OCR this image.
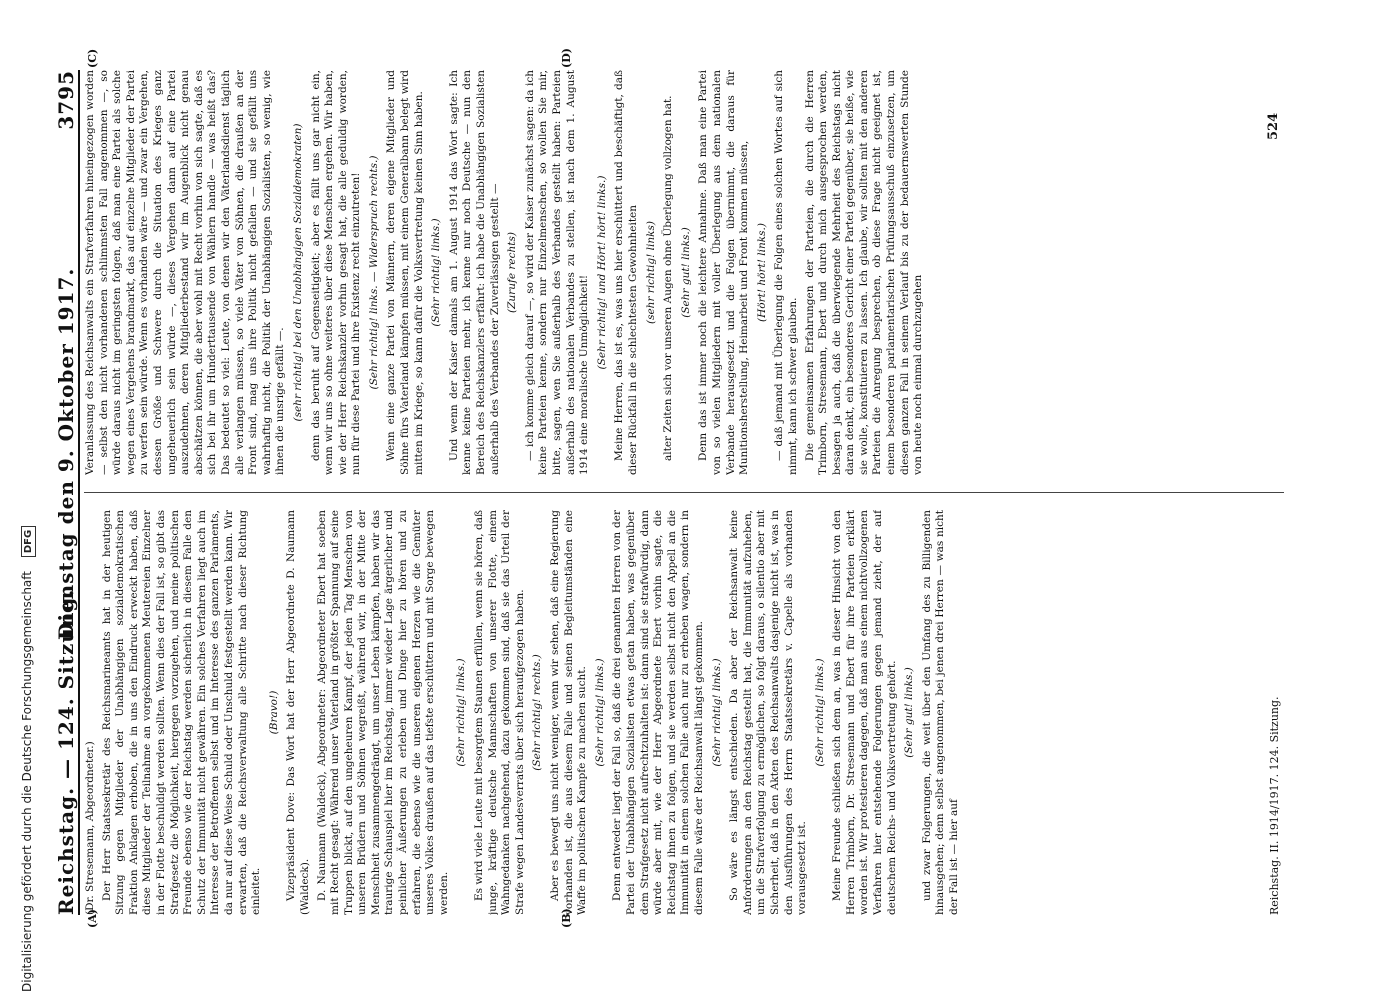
Digitalisierung gefördert durch die Deutsche Forschungsgemeinschaft DFG
Reichstag. — 124. Sitzung.
Dienstag den 9. Oktober 1917. 3795
(A)	(B)
(C)	(D)

(Dr. Stresemann, Abgeordneter.) Der Herr Staatssekretär des Reichsmarineamts hat in der heutigen Sitzung gegen Mitglieder der Unabhängigen sozialdemokratischen Fraktion Anklagen erhoben, die in uns den Eindruck erweckt haben, daß diese Mitglieder der Teilnahme an vorgekommenen Meutereien Einzelner in der Flotte beschuldigt werden sollten. Wenn dies der Fall ist, so gibt das Strafgesetz die Möglichkeit, hiergegen vorzugehen, und meine politischen Freunde ebenso wie der Reichstag werden sicherlich in diesem Falle den Schutz der Immunität nicht gewähren. Ein solches Verfahren liegt auch im Interesse der Betroffenen selbst und im Interesse des ganzen Parlaments, da nur auf diese Weise Schuld oder Unschuld festgestellt werden kann. Wir erwarten, daß die Reichsverwaltung alle Schritte nach dieser Richtung einleitet.

(Bravo!) Vizepräsident Dove: Das Wort hat der Herr Abgeordnete D. Naumann (Waldeck). D. Naumann (Waldeck), Abgeordneter: Abgeordneter Ebert hat soeben mit Recht gesagt: Während unser Vaterland in größter Spannung auf seine Truppen blickt, auf den ungeheuren Kampf, der jeden Tag Menschen von unseren Brüdern und Söhnen wegreißt, während wir, in der Mitte der Menschheit zusammengedrängt, um unser Leben kämpfen, haben wir das traurige Schauspiel hier im Reichstag, immer wieder Lage ärgerlicher und peinlicher Äußerungen zu erleben und Dinge hier zu hören und zu erfahren, die ebenso wie die unseren eigenen Herzen wie die Gemüter unseres Volkes draußen auf das tiefste erschüttern und mit Sorge bewegen werden.

(Sehr richtig! links.) Es wird viele Leute mit besorgtem Staunen erfüllen, wenn sie hören, daß junge, kräftige deutsche Mannschaften von unserer Flotte, einem Wahngedanken nachgehend, dazu gekommen sind, daß sie das Urteil der Strafe wegen Landesverrats über sich heraufgezogen haben. (Sehr richtig! rechts.) Aber es bewegt uns nicht weniger, wenn wir sehen, daß eine Regierung vorhanden ist, die aus diesem Falle und seinen Begleitumständen eine Waffe im politischen Kampfe zu machen sucht. (Sehr richtig! links.) Denn entweder liegt der Fall so, daß die drei genannten Herren von der Partei der Unabhängigen Sozialisten etwas getan haben, was gegenüber dem Strafgesetz nicht aufrechtzuhalten ist: dann sind sie strafwürdig, dann würde aber mit, wie der Herr Abgeordnete Ebert vorhin sagte, die Reichstag ihnen zu folgen, und sie werden selbst nicht den Appell an die Immunität in einem solchen Falle auch nur zu erheben wagen, sondern in diesem Falle wäre der Reichsanwalt längst gekommen. (Sehr richtig! links.) So wäre es längst entschieden. Da aber der Reichsanwalt keine Anforderungen an den Reichstag gestellt hat, die Immunität aufzuheben, um die Strafverfolgung zu ermöglichen, so folgt daraus, o silentio aber mit Sicherheit, daß in den Akten des Reichsanwalts dasjenige nicht ist, was in den Ausführungen des Herrn Staatssekretärs v. Capelle als vorhanden vorausgesetzt ist.

(Sehr richtig! links.) Meine Freunde schließen sich dem an, was in dieser Hinsicht von den Herren Trimborn, Dr. Stresemann und Ebert für ihre Parteien erklärt worden ist. Wir protestieren dagegen, daß man aus einem nichtvollzogenen Verfahren hier entstehende Folgerungen gegen jemand zieht, der auf deutschem Reichs- und Volksvertretung gehört. (Sehr gut! links.) und zwar Folgerungen, die weit über den Umfang des zu Billigenden hinausgehen; denn selbst angenommen, bei jenen drei Herren — was nicht der Fall ist — hier auf

Veranlassung des Reichsanwalts ein Strafverfahren hineingezogen worden — selbst den nicht vorhandenen schlimmsten Fall angenommen —, so würde daraus nicht im geringsten folgen, daß man eine Partei als solche wegen eines Vergehens brandmarkt, das auf einzelne Mitglieder der Partei zu werfen sein würde. Wenn es vorhanden wäre — und zwar ein Vergehen, dessen Größe und Schwere durch die Situation des Krieges ganz ungeheuerlich sein würde —, dieses Vergehen dann auf eine Partei auszudehnen, deren Mitgliederbestand wir im Augenblick nicht genau abschätzen können, die aber wohl mit Recht vorhin von sich sagte, daß es sich bei ihr um Hunderttausende von Wählern handle — was heißt das? Das bedeutet so viel: Leute, von denen wir den Väterlandsdienst täglich alle verlangen müssen, so viele Väter von Söhnen, die draußen an der Front sind, mag uns ihre Politik nicht gefallen — und sie gefällt uns wahrhaftig nicht, die Politik der Unabhängigen Sozialisten, so wenig, wie ihnen die unsrige gefällt —. (sehr richtig! bei den Unabhängigen Sozialdemokraten) denn das beruht auf Gegenseitigkeit; aber es fällt uns gar nicht ein, wenn wir uns so ohne weiteres über diese Menschen ergehen. Wir haben, wie der Herr Reichskanzler vorhin gesagt hat, die alle geduldig worden, nun für diese Partei und ihre Existenz recht einzutreten! (Sehr richtig! links. — Widerspruch rechts.) Wenn eine ganze Partei von Männern, deren eigene Mitglieder und Söhne fürs Vaterland kämpfen müssen, mit einem Generalbann belegt wird mitten im Kriege, so kann dafür die Volksvertretung keinen Sinn haben. (Sehr richtig! links.) Und wenn der Kaiser damals am 1. August 1914 das Wort sagte: Ich kenne keine Parteien mehr, ich kenne nur noch Deutsche — nun den Bereich des Reichskanzlers erfährt: ich habe die Unabhängigen Sozialisten außerhalb des Verbandes der Zuverlässigen gestellt — (Zurufe rechts) — ich komme gleich darauf —, so wird der Kaiser zunächst sagen: da ich keine Parteien kenne, sondern nur Einzelmenschen, so wollen Sie mir, bitte, sagen, wen Sie außerhalb des Verbandes gestellt haben: Parteien außerhalb des nationalen Verbandes zu stellen, ist nach dem 1. August 1914 eine moralische Unmöglichkeit!

(Sehr richtig! und Hört! hört! links.) Meine Herren, das ist es, was uns hier erschüttert und beschäftigt, daß dieser Rückfall in die schlechtesten Gewohnheiten (sehr richtig! links) alter Zeiten sich vor unseren Augen ohne Überlegung vollzogen hat. (Sehr gut! links.) Denn das ist immer noch die leichtere Annahme. Daß man eine Partei von so vielen Mitgliedern mit voller Überlegung aus dem nationalen Verbande herausgesetzt und die Folgen übernimmt, die daraus für Munitionsherstellung, Heimarbeit und Front kommen müssen, (Hört! hört! links.) — daß jemand mit Überlegung die Folgen eines solchen Wortes auf sich nimmt, kann ich schwer glauben. Die gemeinsamen Erfahrungen der Parteien, die durch die Herren Trimborn, Stresemann, Ebert und durch mich ausgesprochen werden, besagen ja auch, daß die überwiegende Mehrheit des Reichstags nicht daran denkt, ein besonderes Gericht einer Partei gegenüber, sie heiße, wie sie wolle, konstituieren zu lassen. Ich glaube, wir sollten mit den anderen Parteien die Anregung besprechen, ob diese Frage nicht geeignet ist, einem besonderen parlamentarischen Prüfungsausschuß einzusetzen, um diesen ganzen Fall in seinem Verlauf bis zu der bedauernswerten Stunde von heute noch einmal durchzugehen

Reichstag. II. 1914/1917. 124. Sitzung.
524
